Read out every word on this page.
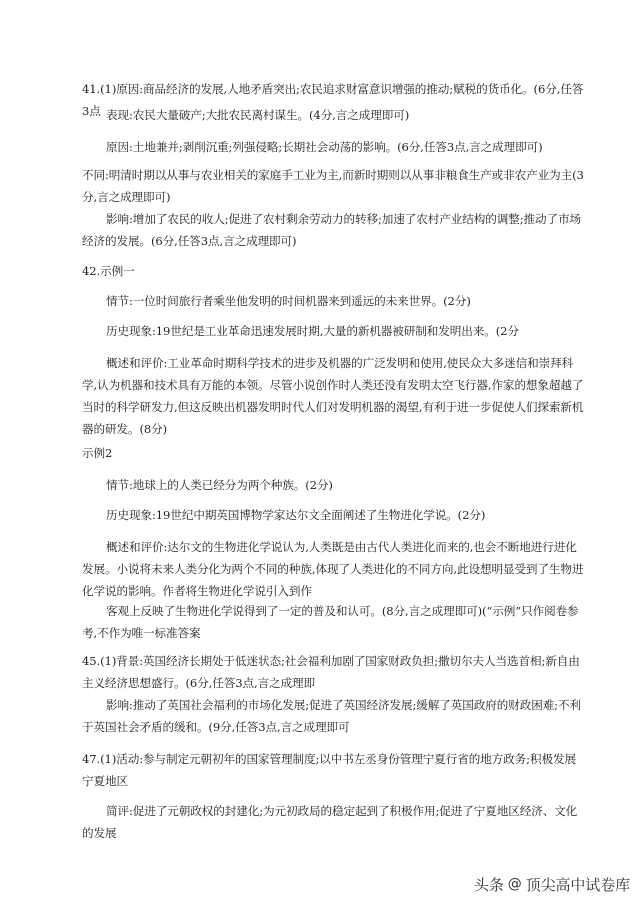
41.(1)原因:商品经济的发展,人地矛盾突出;农民追求财富意识增强的推动;赋税的货币化。(6分,任答3点 表现:农民大量破产;大批农民离村谋生。(4分,言之成理即可)

原因:土地兼并;剥削沉重;列强侵略;长期社会动荡的影响。(6分,任答3点,言之成理即可)

不同:明清时期以从事与农业相关的家庭手工业为主,而新时期则以从事非粮食生产或非农产业为主(3分,言之成理即可)

影响:增加了农民的收人;促进了农村剩余劳动力的转移;加速了农村产业结构的调整;推动了市场经济的发展。(6分,任答3点,言之成理即可)

42.示例一

情节:一位时间旅行者乘坐他发明的时间机器来到遥远的未来世界。(2分)

历史现象:19世纪是工业革命迅速发展时期,大量的新机器被研制和发明出来。(2分

概述和评价:工业革命时期科学技术的进步及机器的广泛发明和使用,使民众大多迷信和崇拜科学,认为机器和技术具有万能的本领。尽管小说创作时人类还没有发明太空飞行器,作家的想象超越了当时的科学研发力,但这反映出机器发明时代人们对发明机器的渴望,有利于进一步促使人们探索新机器的研发。(8分)

示例2

情节:地球上的人类已经分为两个种族。(2分)

历史现象:19世纪中期英国博物学家达尔文全面阐述了生物进化学说。(2分)

概述和评价:达尔文的生物进化学说认为,人类既是由古代人类进化而来的,也会不断地进行进化发展。小说将未来人类分化为两个不同的种族,体现了人类进化的不同方向,此设想明显受到了生物进化学说的影响。作者将生物进化学说引入到作

客观上反映了生物进化学说得到了一定的普及和认可。(8分,言之成理即可)(“示例”只作阅卷参考,不作为唯一标准答案

45.(1)背景:英国经济长期处于低迷状态;社会福利加剧了国家财政负担;撒切尔夫人当选首相;新自由主义经济思想盛行。(6分,任答3点,言之成理即

影响:推动了英国社会福利的市场化发展;促进了英国经济发展;缓解了英国政府的财政困难;不利于英国社会矛盾的缓和。(9分,任答3点,言之成理即可

47.(1)活动:参与制定元朝初年的国家管理制度;以中书左丞身份管理宁夏行省的地方政务;积极发展宁夏地区

简评:促进了元朝政权的封建化;为元初政局的稳定起到了积极作用;促进了宁夏地区经济、文化的发展

头条 @ 顶尖高中试卷库
